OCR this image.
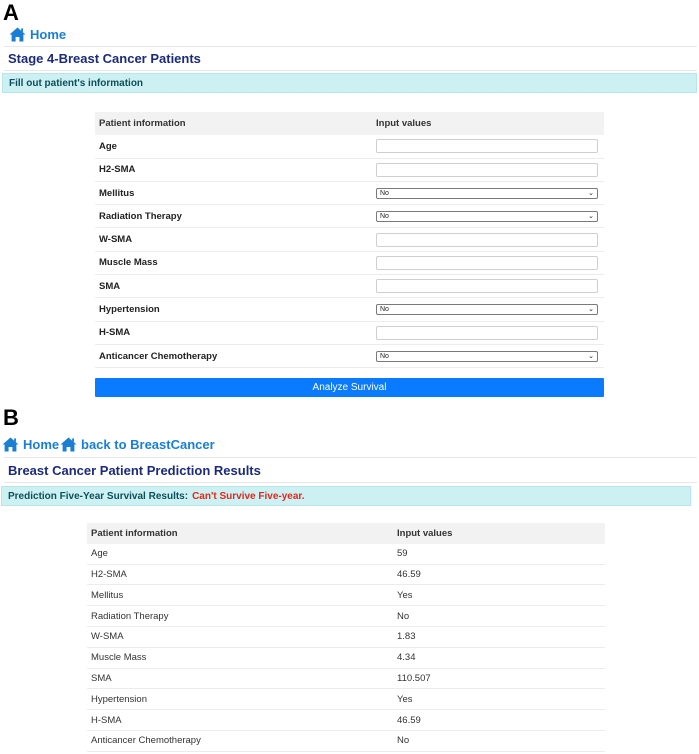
A
Home
Stage 4-Breast Cancer Patients
Fill out patient's information
Patient information	Input values
Age
H2-SMA
Mellitus	No	⌄
Radiation Therapy	No	⌄
W-SMA
Muscle Mass
SMA
Hypertension	No	⌄
H-SMA
Anticancer Chemotherapy	No	⌄
Analyze Survival
B
Home back to BreastCancer
Breast Cancer Patient Prediction Results
Prediction Five-Year Survival Results: Can't Survive Five-year.
Patient information	Input values
Age	59
H2-SMA	46.59
Mellitus	Yes
Radiation Therapy	No
W-SMA	1.83
Muscle Mass	4.34
SMA	110.507
Hypertension	Yes
H-SMA	46.59
Anticancer Chemotherapy	No
